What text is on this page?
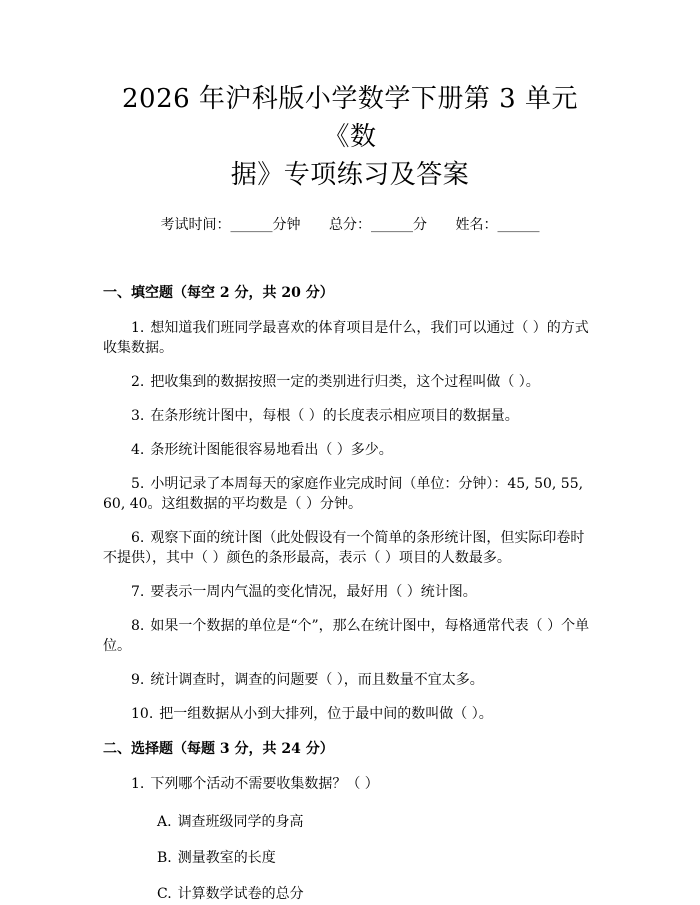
2026 年沪科版小学数学下册第 3 单元《数
据》专项练习及答案
考试时间：______分钟 总分：______分 姓名：______
一、填空题（每空 2 分，共 20 分）
1. 想知道我们班同学最喜欢的体育项目是什么，我们可以通过（ ）的方式收集数据。
2. 把收集到的数据按照一定的类别进行归类，这个过程叫做（ ）。
3. 在条形统计图中，每根（ ）的长度表示相应项目的数据量。
4. 条形统计图能很容易地看出（ ）多少。
5. 小明记录了本周每天的家庭作业完成时间（单位：分钟）：45, 50, 55, 60, 40。这组数据的平均数是（ ）分钟。
6. 观察下面的统计图（此处假设有一个简单的条形统计图，但实际印卷时不提供），其中（ ）颜色的条形最高，表示（ ）项目的人数最多。
7. 要表示一周内气温的变化情况，最好用（ ）统计图。
8. 如果一个数据的单位是“个”，那么在统计图中，每格通常代表（ ）个单位。
9. 统计调查时，调查的问题要（ ），而且数量不宜太多。
10. 把一组数据从小到大排列，位于最中间的数叫做（ ）。
二、选择题（每题 3 分，共 24 分）
1. 下列哪个活动不需要收集数据？（ ）
A. 调查班级同学的身高
B. 测量教室的长度
C. 计算数学试卷的总分
